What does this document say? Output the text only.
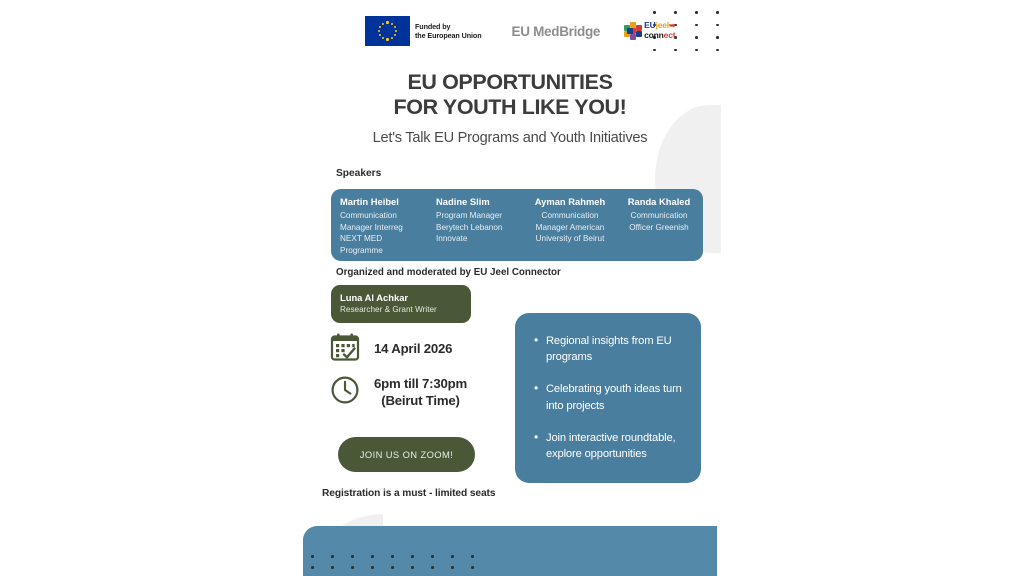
Funded by
the European Union EU MedBridge	EUjeel➥
connect
EU OPPORTUNITIES
FOR YOUTH LIKE YOU!
Let's Talk EU Programs and Youth Initiatives
Speakers
Martin Heibel
Communication Manager Interreg NEXT MED Programme
Nadine Slim
Program Manager Berytech Lebanon Innovate
Ayman Rahmeh
Communication Manager American University of Beirut
Randa Khaled
Communication Officer Greenish
Organized and moderated by EU Jeel Connector
Luna Al Achkar
Researcher & Grant Writer
14 April 2026
6pm till 7:30pm
(Beirut Time)
• Regional insights from EU programs
• Celebrating youth ideas turn into projects
• Join interactive roundtable, explore opportunities
JOIN US ON ZOOM!
Registration is a must - limited seats
